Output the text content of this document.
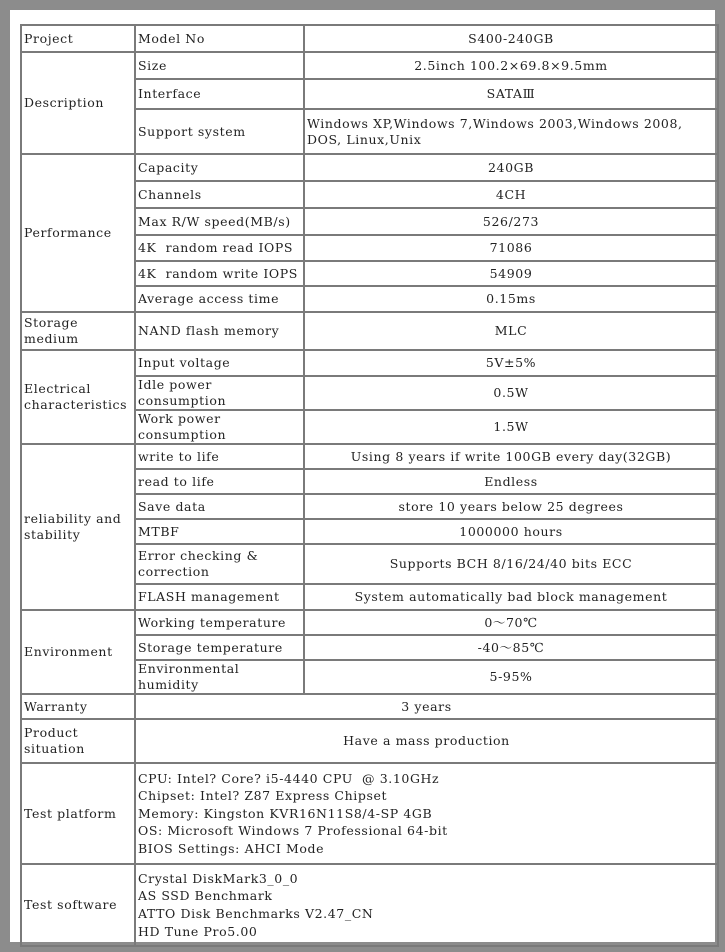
Project	Model No	S400-240GB
Description	Size	2.5inch 100.2×69.8×9.5mm
	Interface	SATAⅢ
	Support system	Windows XP,Windows 7,Windows 2003,Windows 2008, DOS, Linux,Unix
Performance	Capacity	240GB
	Channels	4CH
	Max R/W speed(MB/s)	526/273
	4K  random read IOPS	71086
	4K  random write IOPS	54909
	Average access time	0.15ms
Storage medium	NAND flash memory	MLC
Electrical characteristics	Input voltage	5V±5%
	Idle power consumption	0.5W
	Work power consumption	1.5W
reliability and stability	write to life	Using 8 years if write 100GB every day(32GB)
	read to life	Endless
	Save data	store 10 years below 25 degrees
	MTBF	1000000 hours
	Error checking & correction	Supports BCH 8/16/24/40 bits ECC
	FLASH management	System automatically bad block management
Environment	Working temperature	0～70℃
	Storage temperature	-40～85℃
	Environmental humidity	5-95%
Warranty	3 years	
Product situation	Have a mass production	
Test platform	CPU: Intel? Core? i5-4440 CPU  @ 3.10GHz
Chipset: Intel? Z87 Express Chipset
Memory: Kingston KVR16N11S8/4-SP 4GB
OS: Microsoft Windows 7 Professional 64-bit
BIOS Settings: AHCI Mode	

Test software	Crystal DiskMark3_0_0
AS SSD Benchmark
ATTO Disk Benchmarks V2.47_CN
HD Tune Pro5.00	
